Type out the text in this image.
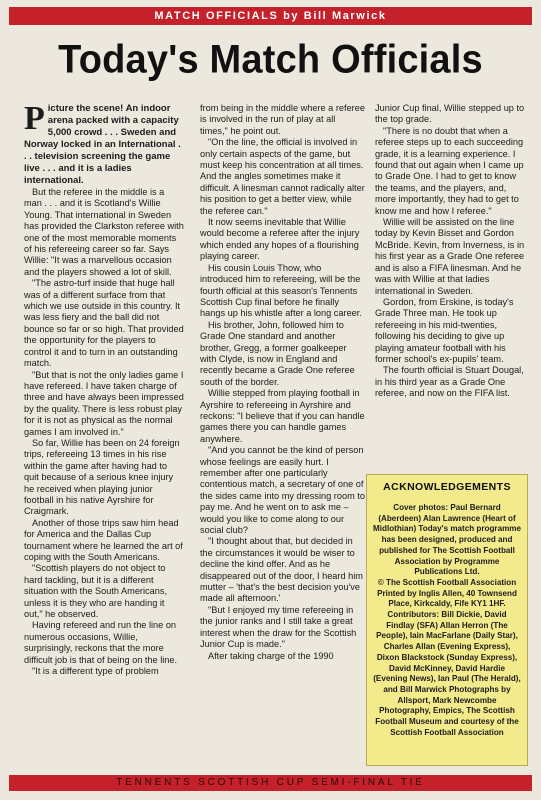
MATCH OFFICIALS by Bill Marwick
Today's Match Officials

Picture the scene! An indoor arena packed with a capacity 5,000 crowd . . . Sweden and Norway locked in an International . . . television screening the game live . . . and it is a ladies international.

But the referee in the middle is a man . . . and it is Scotland's Willie Young. That international in Sweden has provided the Clarkston referee with one of the most memorable moments of his refereeing career so far. Says Willie: "It was a marvellous occasion and the players showed a lot of skill.

"The astro-turf inside that huge hall was of a different surface from that which we use outside in this country. It was less fiery and the ball did not bounce so far or so high. That provided the opportunity for the players to control it and to turn in an outstanding match.

"But that is not the only ladies game I have refereed. I have taken charge of three and have always been impressed by the quality. There is less robust play for it is not as physical as the normal games I am involved in."

So far, Willie has been on 24 foreign trips, refereeing 13 times in his rise within the game after having had to quit because of a serious knee injury he received when playing junior football in his native Ayrshire for Craigmark.

Another of those trips saw him head for America and the Dallas Cup tournament where he learned the art of coping with the South Americans.

"Scottish players do not object to hard tackling, but it is a different situation with the South Americans, unless it is they who are handing it out," he observed.

Having refereed and run the line on numerous occasions, Willie, surprisingly, reckons that the more difficult job is that of being on the line.

"It is a different type of problem

from being in the middle where a referee is involved in the run of play at all times," he point out.

"On the line, the official is involved in only certain aspects of the game, but must keep his concentration at all times. And the angles sometimes make it difficult. A linesman cannot radically alter his position to get a better view, while the referee can."

It now seems inevitable that Willie would become a referee after the injury which ended any hopes of a flourishing playing career.

His cousin Louis Thow, who introduced him to refereeing, will be the fourth official at this season's Tennents Scottish Cup final before he finally hangs up his whistle after a long career.

His brother, John, followed him to Grade One standard and another brother, Gregg, a former goalkeeper with Clyde, is now in England and recently became a Grade One referee south of the border.

Willie stepped from playing football in Ayrshire to refereeing in Ayrshire and reckons: "I believe that if you can handle games there you can handle games anywhere.

"And you cannot be the kind of person whose feelings are easily hurt. I remember after one particularly contentious match, a secretary of one of the sides came into my dressing room to pay me. And he went on to ask me – would you like to come along to our social club?

"I thought about that, but decided in the circumstances it would be wiser to decline the kind offer. And as he disappeared out of the door, I heard him mutter – 'that's the best decision you've made all afternoon.'

"But I enjoyed my time refereeing in the junior ranks and I still take a great interest when the draw for the Scottish Junior Cup is made."

After taking charge of the 1990

Junior Cup final, Willie stepped up to the top grade.

"There is no doubt that when a referee steps up to each succeeding grade, it is a learning experience. I found that out again when I came up to Grade One. I had to get to know the teams, and the players, and, more importantly, they had to get to know me and how I referee."

Willie will be assisted on the line today by Kevin Bisset and Gordon McBride. Kevin, from Inverness, is in his first year as a Grade One referee and is also a FIFA linesman. And he was with Willie at that ladies international in Sweden.

Gordon, from Erskine, is today's Grade Three man. He took up refereeing in his mid-twenties, following his deciding to give up playing amateur football with his former school's ex-pupils' team.

The fourth official is Stuart Dougal, in his third year as a Grade One referee, and now on the FIFA list.

ACKNOWLEDGEMENTS
Cover photos: Paul Bernard (Aberdeen) Alan Lawrence (Heart of Midlothian) Today's match programme has been designed, produced and published for The Scottish Football Association by Programme Publications Ltd.
© The Scottish Football Association Printed by Inglis Allen, 40 Townsend Place, Kirkcaldy, Fife KY1 1HF.
Contributors: Bill Dickie, David Findlay (SFA) Allan Herron (The People), Iain MacFarlane (Daily Star), Charles Allan (Evening Express), Dixon Blackstock (Sunday Express), David McKinney, David Hardie (Evening News), Ian Paul (The Herald), and Bill Marwick Photographs by Allsport, Mark Newcombe Photography, Empics, The Scottish Football Museum and courtesy of the Scottish Football Association
TENNENTS SCOTTISH CUP SEMI-FINAL TIE
